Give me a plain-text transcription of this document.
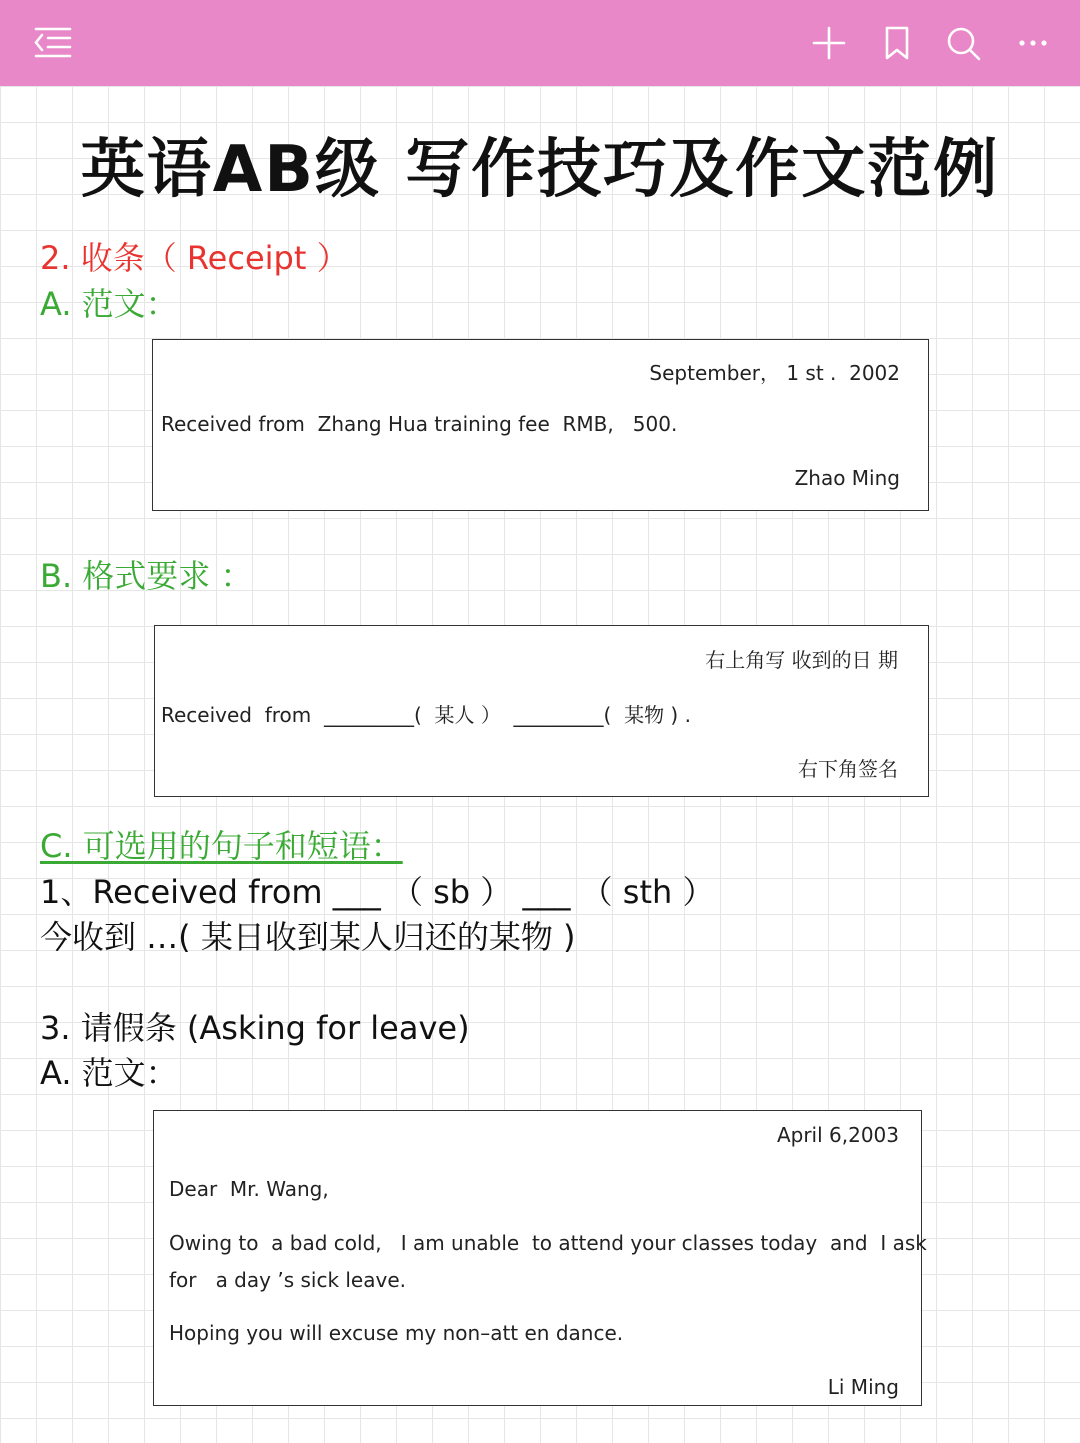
英语AB级 写作技巧及作文范例
2. 收条（ Receipt ）
A. 范文：
September， 1 st .  2002
Received from  Zhang Hua training fee  RMB,   500.
Zhao Ming
B. 格式要求 ：
右上角写 收到的日 期
Received  from  _________(  某人 ）  _________(  某物 ) .
右下角签名
C. 可选用的句子和短语：
1、Received from ___ （ sb ） ___ （ sth ）
今收到 …( 某日收到某人归还的某物 )
3. 请假条 (Asking for leave)
A. 范文：
April 6,2003
Dear  Mr. Wang,
Owing to  a bad cold,   I am unable  to attend your classes today  and  I ask
for   a day ’s sick leave.
Hoping you will excuse my non–att en dance.
Li Ming
